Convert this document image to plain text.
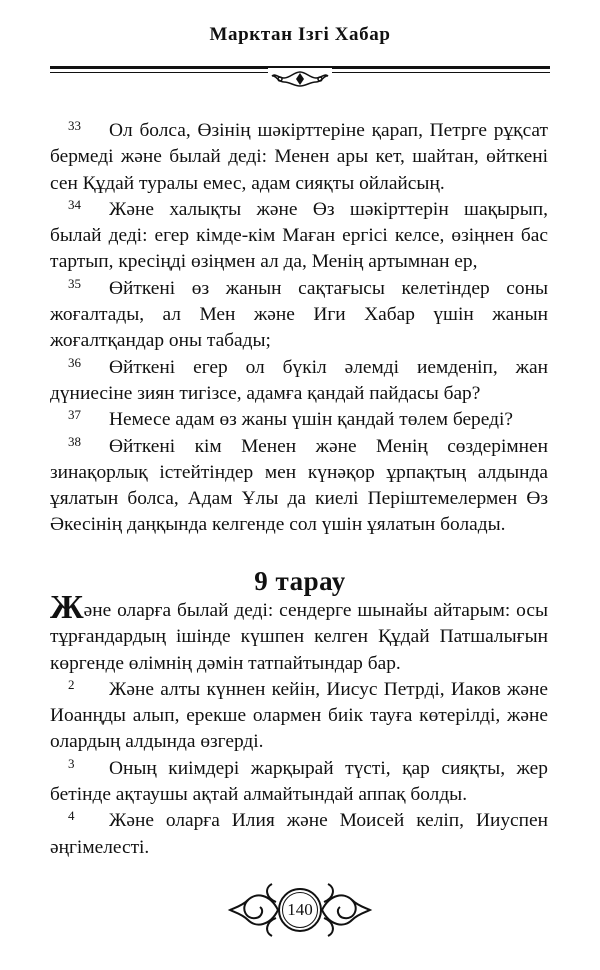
Марктан Ізгі Хабар

33 Ол болса, Өзінің шәкірттеріне қарап, Петрге рұқсат бермеді және былай деді: Менен ары кет, шайтан, өйткені сен Құдай туралы емес, адам сияқты ойлайсың.

34 Және халықты және Өз шәкірттерін шақырып, былай деді: егер кімде-кім Маған ергісі келсе, өзіңнен бас тартып, кресіңді өзіңмен ал да, Менің артымнан ер,

35 Өйткені өз жанын сақтағысы келетіндер соны жоғалтады, ал Мен және Иги Хабар үшін жанын жоғалтқандар оны табады;

36 Өйткені егер ол бүкіл әлемді иемденіп, жан дүниесіне зиян тигізсе, адамға қандай пайдасы бар?

37 Немесе адам өз жаны үшін қандай төлем береді?

38 Өйткені кім Менен және Менің сөздерімнен зинақорлық істейтіндер мен күнәқор ұрпақтың алдында ұялатын болса, Адам Ұлы да киелі Періштемелермен Өз Әкесінің даңқында келгенде сол үшін ұялатын болады.

9 тарау

Және оларға былай деді: сендерге шынайы айтарым: осы тұрғандардың ішінде күшпен келген Құдай Патшалығын көргенде өлімнің дәмін татпайтындар бар.

2 Және алты күннен кейін, Иисус Петрді, Иаков және Иоанңды алып, ерекше олармен биік тауға көтерілді, және олардың алдында өзгерді.

3 Оның киімдері жарқырай түсті, қар сияқты, жер бетінде ақтаушы ақтай алмайтындай аппақ болды.

4 Және оларға Илия және Моисей келіп, Ииуспен әңгімелесті.

140
